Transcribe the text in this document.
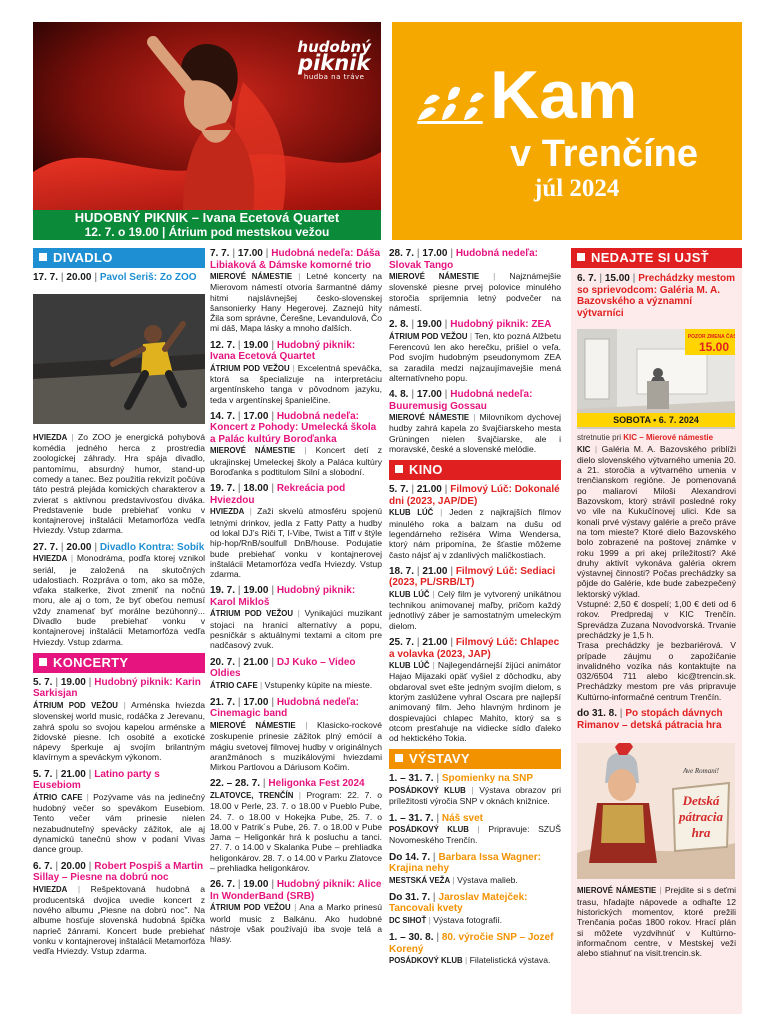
hudobný
piknik
hudba na tráve
HUDOBNÝ PIKNIK – Ivana Ecetová Quartet
12. 7. o 19.00 | Átrium pod mestskou vežou
Kam
v Trenčíne
júl 2024
DIVADLO
17. 7. | 20.00 | Pavol Seriš: Zo ZOO
HVIEZDA | Zo ZOO je energická pohybová komédia jedného herca z prostredia zoologickej záhrady. Hra spája divadlo, pantomímu, absurdný humor, stand-up comedy a tanec. Bez použitia rekvizít počúva táto pestrá plejáda komických charakterov a zvierat s aktívnou predstavivosťou diváka. Predstavenie bude prebiehať vonku v kontajnerovej inštalácii Metamorfóza vedľa Hviezdy. Vstup zdarma.
27. 7. | 20.00 | Divadlo Kontra: Sobík
HVIEZDA | Monodráma, podľa ktorej vznikol seriál, je založená na skutočných udalostiach. Rozpráva o tom, ako sa môže, vďaka stalkerke, život zmeniť na nočnú moru, ale aj o tom, že byť obeťou nemusí vždy znamenať byť morálne bezúhonný... Divadlo bude prebiehať vonku v kontajnerovej inštalácii Metamorfóza vedľa Hviezdy. Vstup zdarma.
KONCERTY
5. 7. | 19.00 | Hudobný piknik: Karin Sarkisjan
ÁTRIUM POD VEŽOU | Arménska hviezda slovenskej world music, rodáčka z Jerevanu, zahrá spolu so svojou kapelou arménske a židovské piesne. Ich osobité a exotické nápevy šperkuje aj svojím brilantným klavírnym a speváckym výkonom.
5. 7. | 21.00 | Latino party s Eusebiom
ÁTRIO CAFE | Pozývame vás na jedinečný hudobný večer so spevákom Eusebiom. Tento večer vám prinesie nielen nezabudnuteľný spevácky zážitok, ale aj dynamickú tanečnú show v podaní Vivas dance group.
6. 7. | 20.00 | Robert Pospiš a Martin Sillay – Piesne na dobrú noc
HVIEZDA | Rešpektovaná hudobná a producentská dvojica uvedie koncert z nového albumu „Piesne na dobrú noc". Na albume hosťuje slovenská hudobná špička naprieč žánrami. Koncert bude prebiehať vonku v kontajnerovej inštalácii Metamorfóza vedľa Hviezdy. Vstup zdarma.
7. 7. | 17.00 | Hudobná nedeľa: Dáša Libiaková & Dámske komorné trio
MIEROVÉ NÁMESTIE | Letné koncerty na Mierovom námestí otvoria šarmantné dámy hitmi najslávnejšej česko-slovenskej šansonierky Hany Hegerovej. Zaznejú hity Žila som správne, Čerešne, Levandulová, Čo mi dáš, Mapa lásky a mnoho ďalších.
12. 7. | 19.00 | Hudobný piknik: Ivana Ecetová Quartet
ÁTRIUM POD VEŽOU | Excelentná speváčka, ktorá sa špecializuje na interpretáciu argentínskeho tanga v pôvodnom jazyku, teda v argentínskej španielčine.
14. 7. | 17.00 | Hudobná nedeľa: Koncert z Pohody: Umelecká škola a Palác kultúry Boroďanka
MIEROVÉ NÁMESTIE | Koncert detí z ukrajinskej Umeleckej školy a Paláca kultúry Boroďanka s podtitulom Silní a slobodní.
19. 7. | 18.00 | Rekreácia pod Hviezdou
HVIEZDA | Zaži skvelú atmosféru spojenú letnými drinkov, jedla z Fatty Patty a hudby od lokal DJ’s Riči T, I-Vibe, Twist a Tiff v štýle hip-hop/RnB/soulfull DnB/house. Podujatie bude prebiehať vonku v kontajnerovej inštalácii Metamorfóza vedľa Hviezdy. Vstup zdarma.
19. 7. | 19.00 | Hudobný piknik: Karol Mikloš
ÁTRIUM POD VEŽOU | Vynikajúci muzikant stojaci na hranici alternatívy a popu, pesničkár s aktuálnymi textami a citom pre nadčasový zvuk.
20. 7. | 21.00 | DJ Kuko – Video Oldies
ÁTRIO CAFE | Vstupenky kúpite na mieste.
21. 7. | 17.00 | Hudobná nedeľa: Cinemagic band
MIEROVÉ NÁMESTIE | Klasicko-rockové zoskupenie prinesie zážitok plný emócií a mágiu svetovej filmovej hudby v originálnych aranžmánoch s muzikálovými hviezdami Mirkou Partlovou a Dáriusom Kočim.
22. – 28. 7. | Heligonka Fest 2024
ZLATOVCE, TRENČÍN | Program: 22. 7. o 18.00 v Perle, 23. 7. o 18.00 v Pueblo Pube, 24. 7. o 18.00 v Hokejka Pube, 25. 7. o 18.00 v Patrik´s Pube, 26. 7. o 18.00 v Pube Jama – Heligonkár hrá k posluchu a tanci. 27. 7. o 14.00 v Skalanka Pube – prehliadka heligonkárov. 28. 7. o 14.00 v Parku Zlatovce – prehliadka heligonkárov.
26. 7. | 19.00 | Hudobný piknik: Alice In WonderBand (SRB)
ÁTRIUM POD VEŽOU | Ana a Marko prinesú world music z Balkánu. Ako hudobné nástroje však používajú iba svoje telá a hlasy.
28. 7. | 17.00 | Hudobná nedeľa: Slovak Tango
MIEROVÉ NÁMESTIE | Najznámejšie slovenské piesne prvej polovice minulého storočia sprijemnia letný podvečer na námestí.
2. 8. | 19.00 | Hudobný piknik: ZEA
ÁTRIUM POD VEŽOU | Ten, kto pozná Alžbetu Ferencovú len ako herečku, prišiel o veľa. Pod svojím hudobným pseudonymom ZEA sa zaradila medzi najzaujímavejšie mená alternatívneho popu.
4. 8. | 17.00 | Hudobná nedeľa: Buuremusig Gossau
MIEROVÉ NÁMESTIE | Milovníkom dychovej hudby zahrá kapela zo švajčiarskeho mesta Grüningen nielen švajčiarske, ale i moravské, české a slovenské melódie.
KINO
5. 7. | 21.00 | Filmový Lúč: Dokonalé dni (2023, JAP/DE)
KLUB LÚČ | Jeden z najkrajších filmov minulého roka a balzam na dušu od legendárneho režiséra Wima Wendersa, ktorý nám pripomína, že šťastie môžeme často nájsť aj v zdanlivých maličkostiach.
18. 7. | 21.00 | Filmový Lúč: Sediaci (2023, PL/SRB/LT)
KLUB LÚČ | Celý film je vytvorený unikátnou technikou animovanej maľby, pričom každý jednotlivý záber je samostatným umeleckým dielom.
25. 7. | 21.00 | Filmový Lúč: Chlapec a volavka (2023, JAP)
KLUB LÚČ | Najlegendárnejší žijúci animátor Hajao Mijazaki opäť vyšiel z dôchodku, aby obdaroval svet ešte jedným svojím dielom, s ktorým zaslúžene vyhral Oscara pre najlepší animovaný film. Jeho hlavným hrdinom je dospievajúci chlapec Mahito, ktorý sa s otcom presťahuje na vidiecke sídlo ďaleko od hektického Tokia.
VÝSTAVY
1. – 31. 7. | Spomienky na SNP
POSÁDKOVÝ KLUB | Výstava obrazov pri príležitosti výročia SNP v oknách knižnice.
1. – 31. 7. | Náš svet
POSÁDKOVÝ KLUB | Pripravuje: SZUŠ Novomeského Trenčín.
Do 14. 7. | Barbara Issa Wagner: Krajina nehy
MESTSKÁ VEŽA | Výstava malieb.
Do 31. 7. | Jaroslav Matejček: Tancovali kvety
DC SIHOŤ | Výstava fotografií.
1. – 30. 8. | 80. výročie SNP – Jozef Korený
POSÁDKOVÝ KLUB | Filatelistická výstava.
NEDAJTE SI UJSŤ
6. 7. | 15.00 | Prechádzky mestom so sprievodcom: Galéria M. A. Bazovského a významní výtvarníci
POZOR ZMENA ČASU
15.00
SOBOTA • 6. 7. 2024
stretnutie pri KIC – Mierové námestie
KIC | Galéria M. A. Bazovského priblíži dielo slovenského výtvarného umenia 20. a 21. storočia a výtvarného umenia v trenčianskom regióne. Je pomenovaná po maliarovi Miloši Alexandrovi Bazovskom, ktorý strávil posledné roky vo vile na Kukučínovej ulici. Kde sa konali prvé výstavy galérie a prečo práve na tom mieste? Ktoré dielo Bazovského bolo zobrazené na poštovej známke v roku 1999 a pri akej príležitosti? Aké druhy aktivít vykonáva galéria okrem výstavnej činnosti? Počas prechádzky sa pôjde do Galérie, kde bude zabezpečený lektorský výklad.
Vstupné: 2,50 € dospelí; 1,00 € deti od 6 rokov. Predpredaj v KIC Trenčín. Sprevádza Zuzana Novodvorská. Trvanie prechádzky je 1,5 h.
Trasa prechádzky je bezbariérová. V prípade záujmu o zapožičanie invalidného vozíka nás kontaktujte na 032/6504 711 alebo kic@trencin.sk. Prechádzky mestom pre vás pripravuje Kultúrno-informačné centrum Trenčín.
do 31. 8. | Po stopách dávnych Rimanov – detská pátracia hra
Detská
pátracia
hra
Ave Romani!
MIEROVÉ NÁMESTIE | Prejdite si s deťmi trasu, hľadajte nápovede a odhaľte 12 historických momentov, ktoré prežili Trenčania počas 1800 rokov. Hrací plán si môžete vyzdvihnúť v Kultúrno-informačnom centre, v Mestskej veži alebo stiahnuť na visit.trencin.sk.
